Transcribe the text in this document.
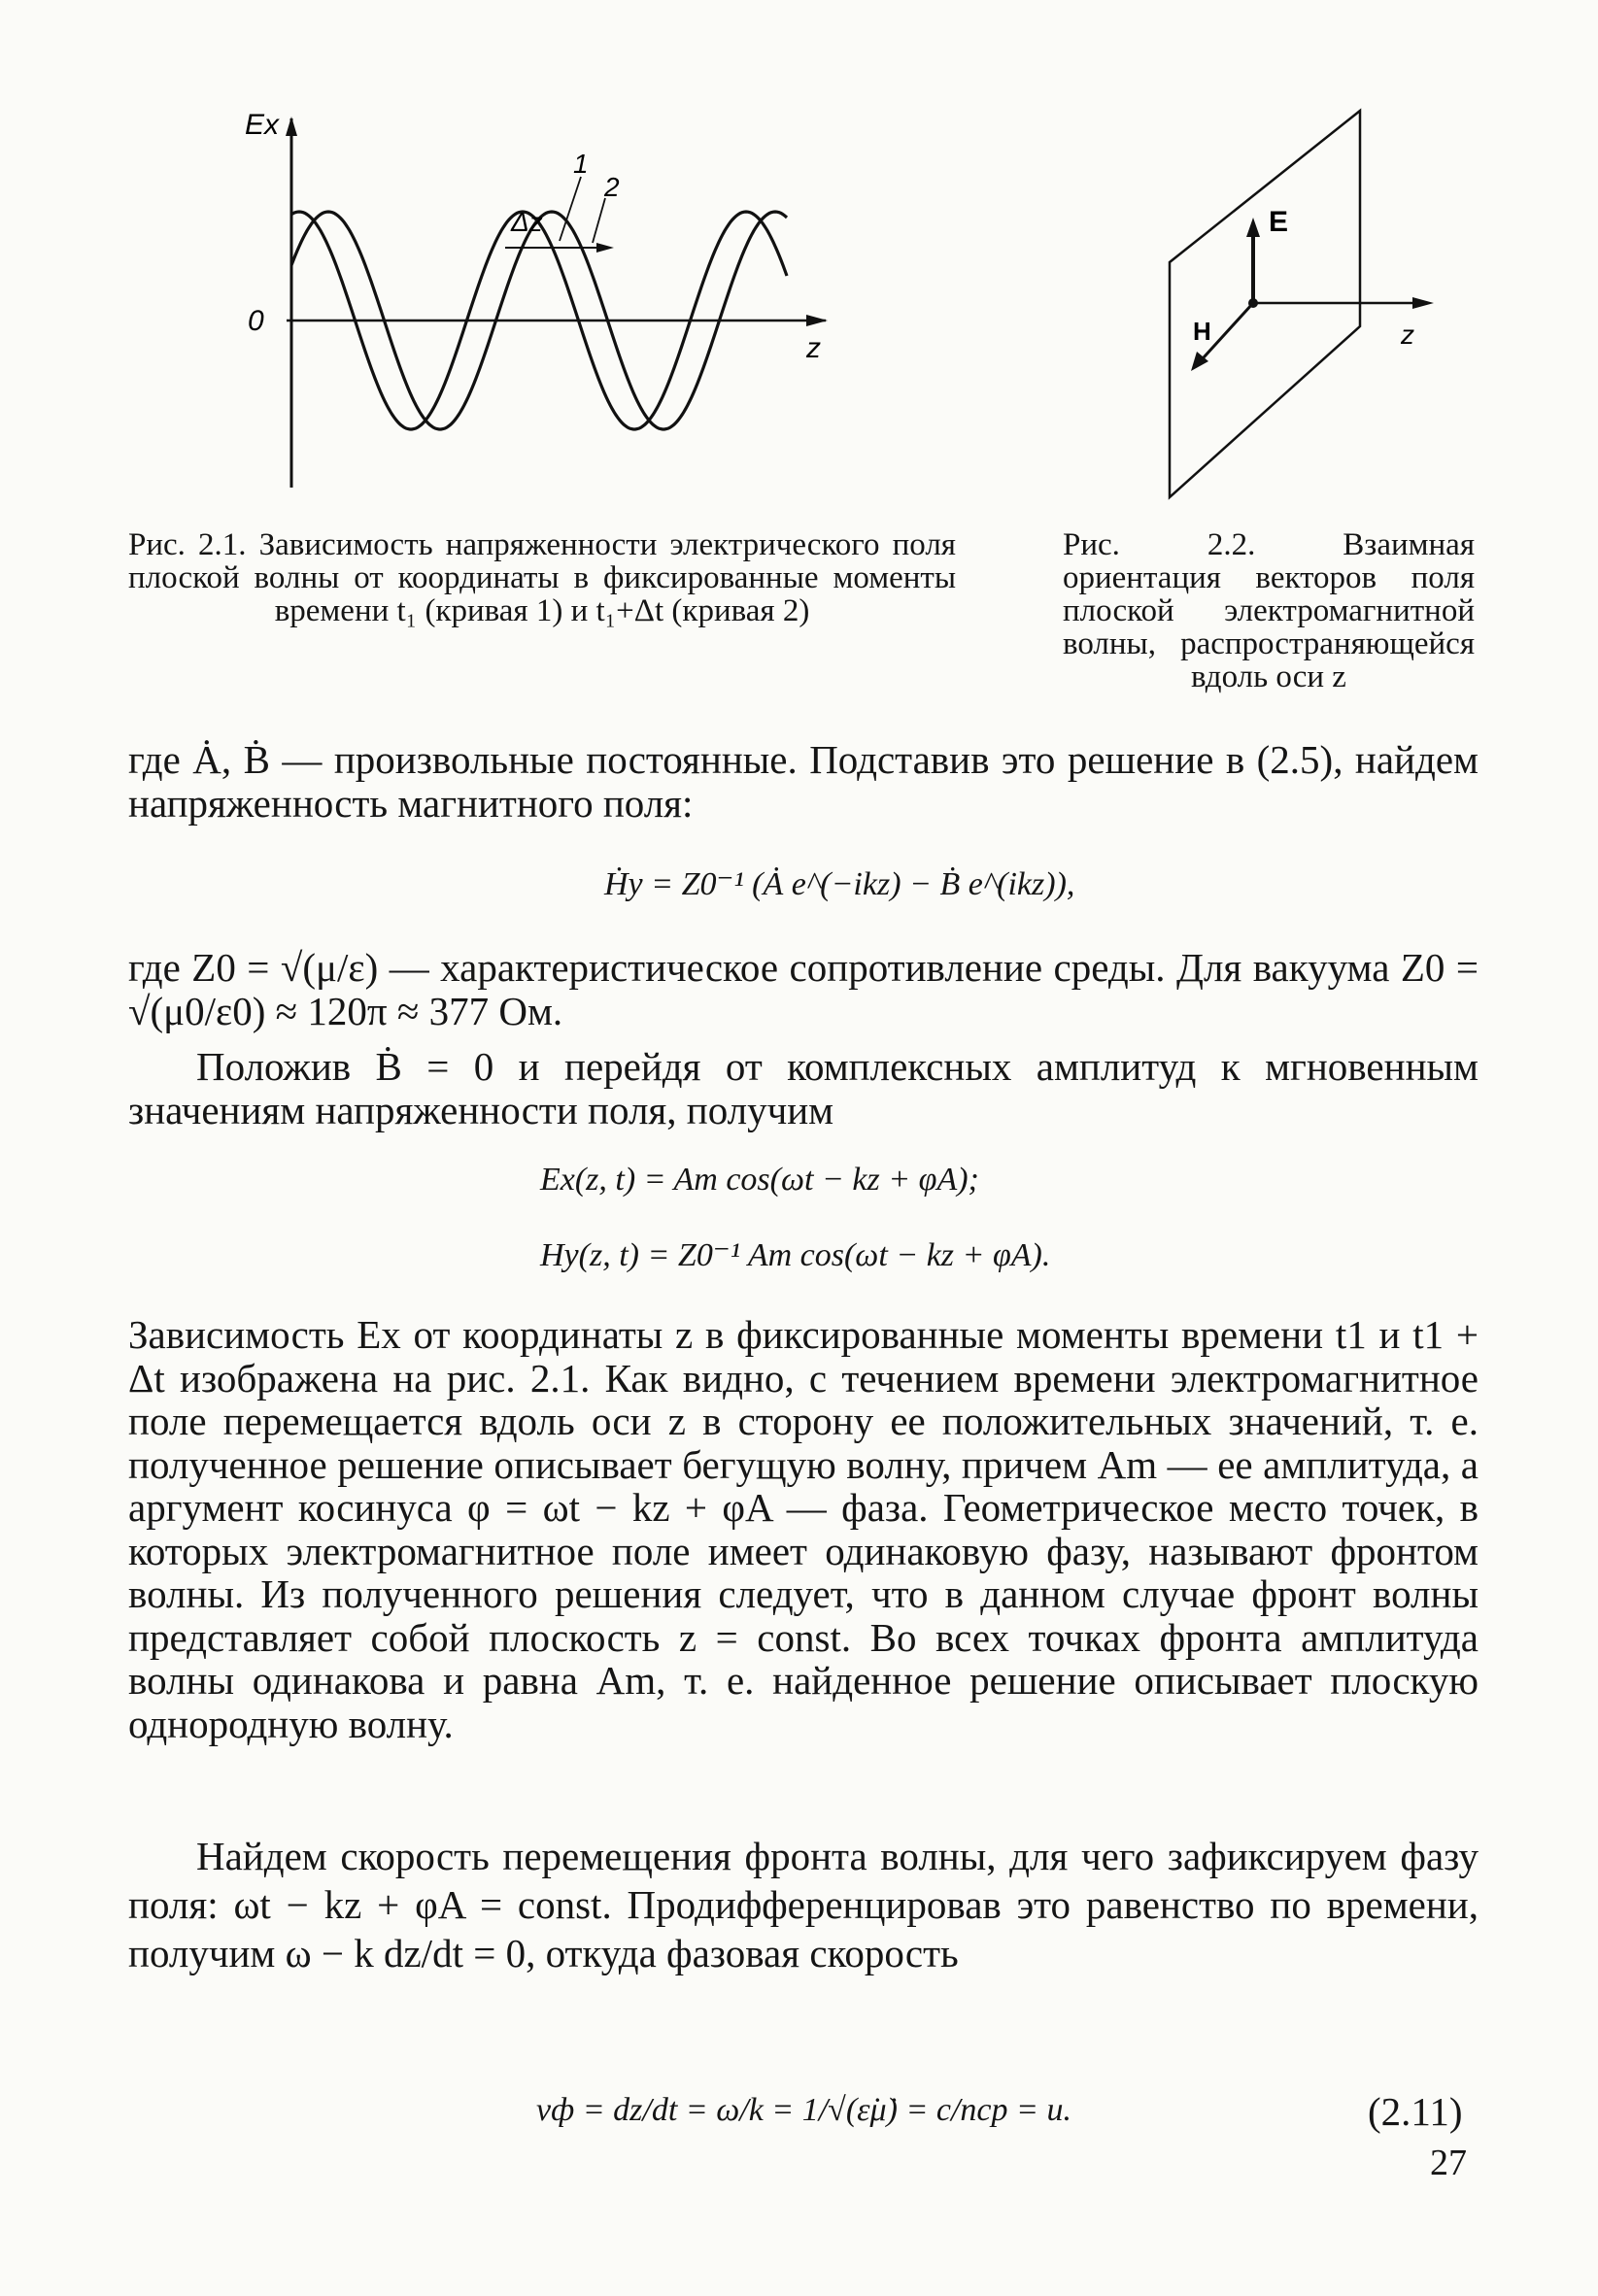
Ex
0
z
Δz
1
2
Рис. 2.1. Зависимость напряженности электрического поля плоской волны от координаты в фиксированные моменты времени t₁ (кривая 1) и t₁+Δt (кривая 2)
E
H	z
Рис. 2.2. Взаимная ориентация векторов поля плоской электромагнитной волны, распространяющейся вдоль оси z
где Ȧ, Ḃ — произвольные постоянные. Подставив это решение в (2.5), найдем напряженность магнитного поля:
Ḣy = Z0⁻¹ (Ȧ e^(−ikz) − Ḃ e^(ikz)),
где Z0 = √(μ/ε) — характеристическое сопротивление среды. Для вакуума Z0 = √(μ0/ε0) ≈ 120π ≈ 377 Ом.
Положив Ḃ = 0 и перейдя от комплексных амплитуд к мгновенным значениям напряженности поля, получим
Ex(z, t) = Am cos(ωt − kz + φA);
Hy(z, t) = Z0⁻¹ Am cos(ωt − kz + φA).
Зависимость Ex от координаты z в фиксированные моменты времени t1 и t1 + Δt изображена на рис. 2.1. Как видно, с течением времени электромагнитное поле перемещается вдоль оси z в сторону ее положительных значений, т. е. полученное решение описывает бегущую волну, причем Am — ее амплитуда, а аргумент косинуса φ = ωt − kz + φA — фаза. Геометрическое место точек, в которых электромагнитное поле имеет одинаковую фазу, называют фронтом волны. Из полученного решения следует, что в данном случае фронт волны представляет собой плоскость z = const. Во всех точках фронта амплитуда волны одинакова и равна Am, т. е. найденное решение описывает плоскую однородную волну.
Найдем скорость перемещения фронта волны, для чего зафиксируем фазу поля: ωt − kz + φA = const. Продифференцировав это равенство по времени, получим ω − k dz/dt = 0, откуда фазовая скорость
vф = dz/dt = ω/k = 1/√(ε̇μ̇) = c/nср = u.	(2.11)
27
